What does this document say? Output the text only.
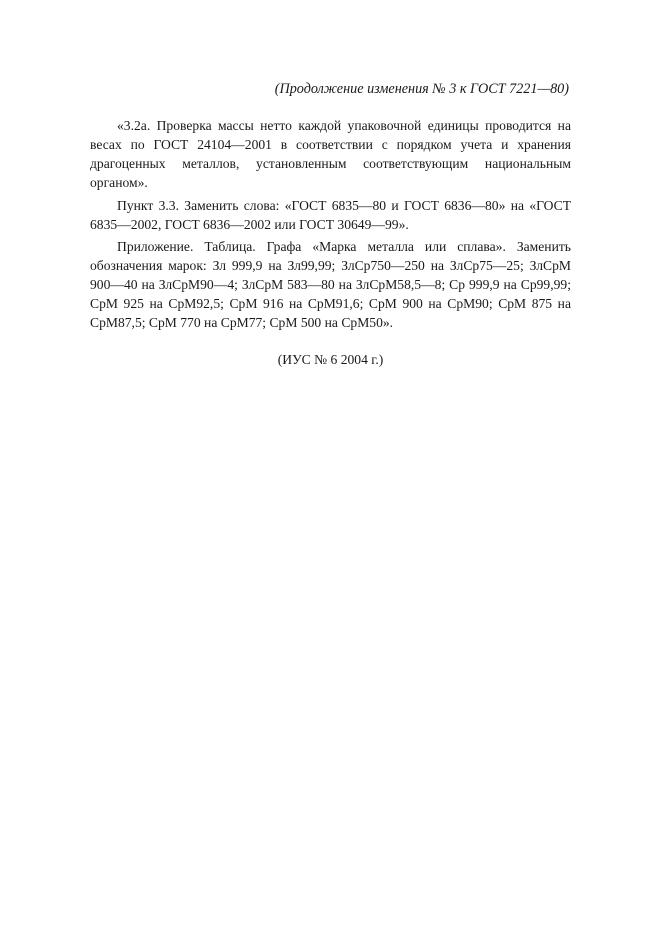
(Продолжение изменения № 3 к ГОСТ 7221—80)

«3.2а. Проверка массы нетто каждой упаковочной единицы проводится на весах по ГОСТ 24104—2001 в соответствии с порядком учета и хранения драгоценных металлов, установленным соответствующим национальным органом».

Пункт 3.3. Заменить слова: «ГОСТ 6835—80 и ГОСТ 6836—80» на «ГОСТ 6835—2002, ГОСТ 6836—2002 или ГОСТ 30649—99».

Приложение. Таблица. Графа «Марка металла или сплава». Заменить обозначения марок: Зл 999,9 на Зл99,99; ЗлСр750—250 на ЗлСр75—25; ЗлСрМ 900—40 на ЗлСрМ90—4; ЗлСрМ 583—80 на ЗлСрМ58,5—8; Ср 999,9 на Ср99,99; СрМ 925 на СрМ92,5; СрМ 916 на СрМ91,6; СрМ 900 на СрМ90; СрМ 875 на СрМ87,5; СрМ 770 на СрМ77; СрМ 500 на СрМ50».

(ИУС № 6 2004 г.)
